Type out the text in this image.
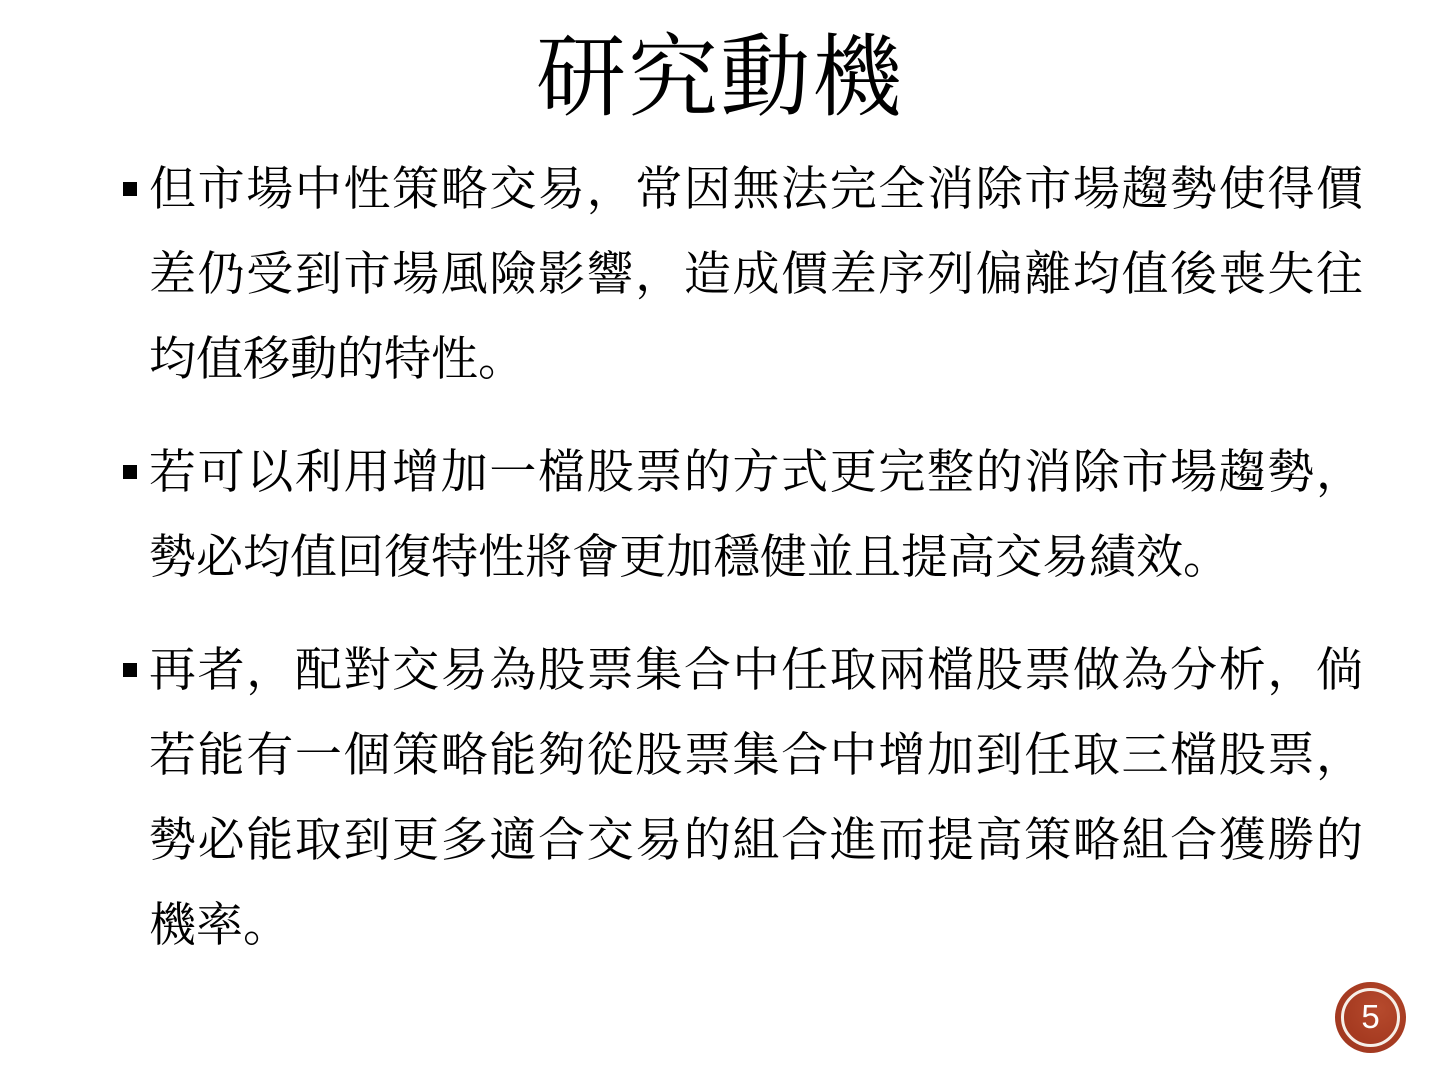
研究動機
但市場中性策略交易，常因無法完全消除市場趨勢使得價差仍受到市場風險影響，造成價差序列偏離均值後喪失往均值移動的特性。
若可以利用增加一檔股票的方式更完整的消除市場趨勢，勢必均值回復特性將會更加穩健並且提高交易績效。
再者，配對交易為股票集合中任取兩檔股票做為分析，倘若能有一個策略能夠從股票集合中增加到任取三檔股票，勢必能取到更多適合交易的組合進而提高策略組合獲勝的機率。
5
